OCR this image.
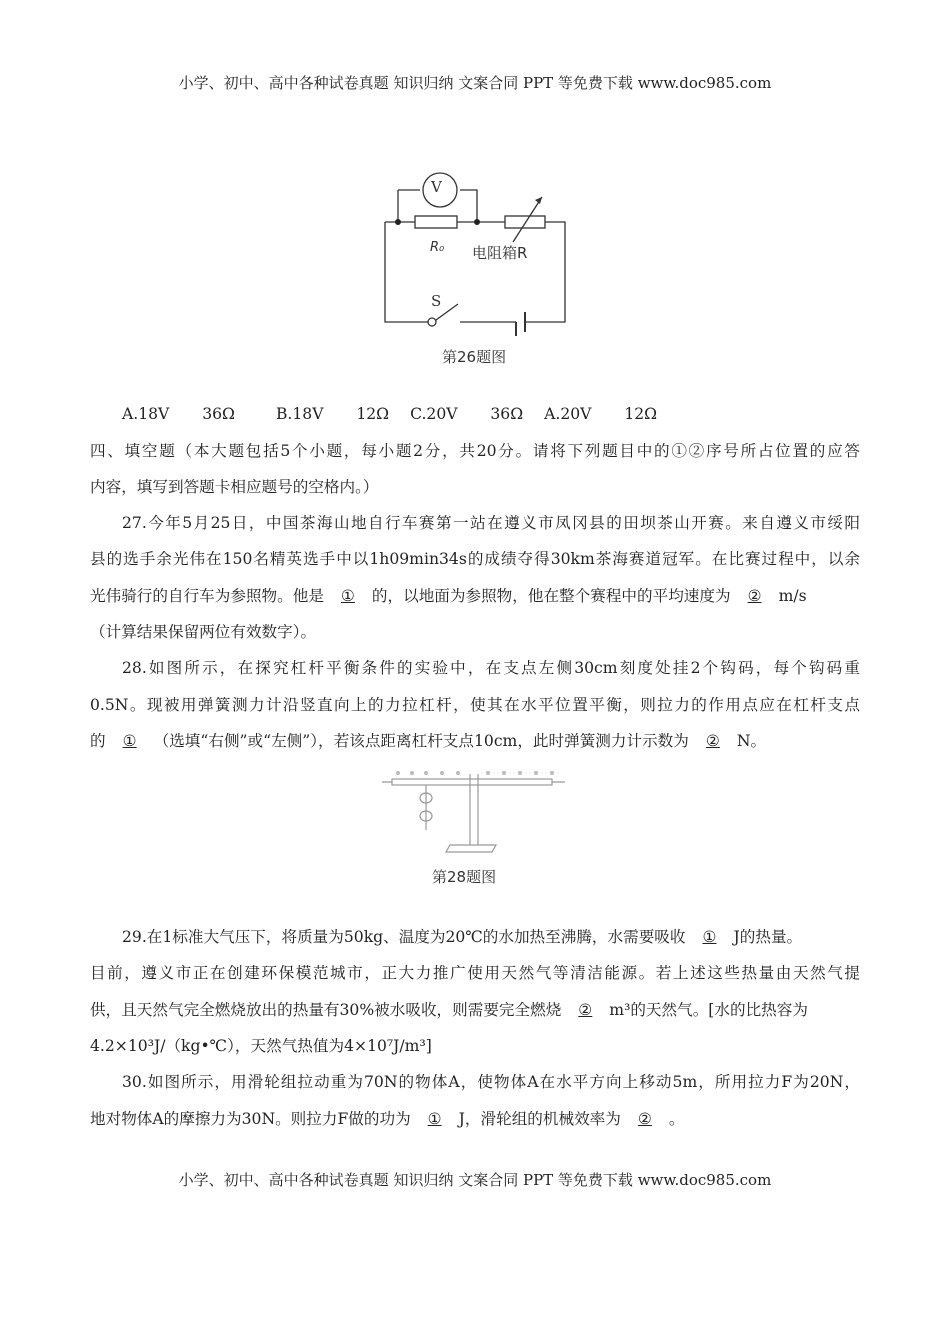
小学、初中、高中各种试卷真题 知识归纳 文案合同 PPT 等免费下载 www.doc985.com
V
R₀ 电阻箱R
S
第26题图
A.18V   36Ω	B.18V   12Ω C.20V   36Ω A.20V   12Ω
四、填空题（本大题包括5个小题，每小题2分，共20分。请将下列题目中的①②序号所占位置的应答
内容，填写到答题卡相应题号的空格内。）
27.今年5月25日，中国茶海山地自行车赛第一站在遵义市凤冈县的田坝茶山开赛。来自遵义市绥阳
县的选手余光伟在150名精英选手中以1h09min34s的成绩夺得30km茶海赛道冠军。在比赛过程中，以余
光伟骑行的自行车为参照物。他是 ① 的，以地面为参照物，他在整个赛程中的平均速度为 ② m/s
（计算结果保留两位有效数字）。
28.如图所示，在探究杠杆平衡条件的实验中，在支点左侧30cm刻度处挂2个钩码，每个钩码重
0.5N。现被用弹簧测力计沿竖直向上的力拉杠杆，使其在水平位置平衡，则拉力的作用点应在杠杆支点
的 ① （选填“右侧”或“左侧”），若该点距离杠杆支点10cm，此时弹簧测力计示数为 ② N。
第28题图
29.在1标准大气压下，将质量为50kg、温度为20℃的水加热至沸腾，水需要吸收 ① J的热量。
目前，遵义市正在创建环保模范城市，正大力推广使用天然气等清洁能源。若上述这些热量由天然气提
供，且天然气完全燃烧放出的热量有30%被水吸收，则需要完全燃烧 ② m³的天然气。[水的比热容为
4.2×10³J/（kg•℃），天然气热值为4×10⁷J/m³]
30.如图所示，用滑轮组拉动重为70N的物体A，使物体A在水平方向上移动5m，所用拉力F为20N，
地对物体A的摩擦力为30N。则拉力F做的功为 ① J，滑轮组的机械效率为 ② 。
小学、初中、高中各种试卷真题 知识归纳 文案合同 PPT 等免费下载 www.doc985.com
